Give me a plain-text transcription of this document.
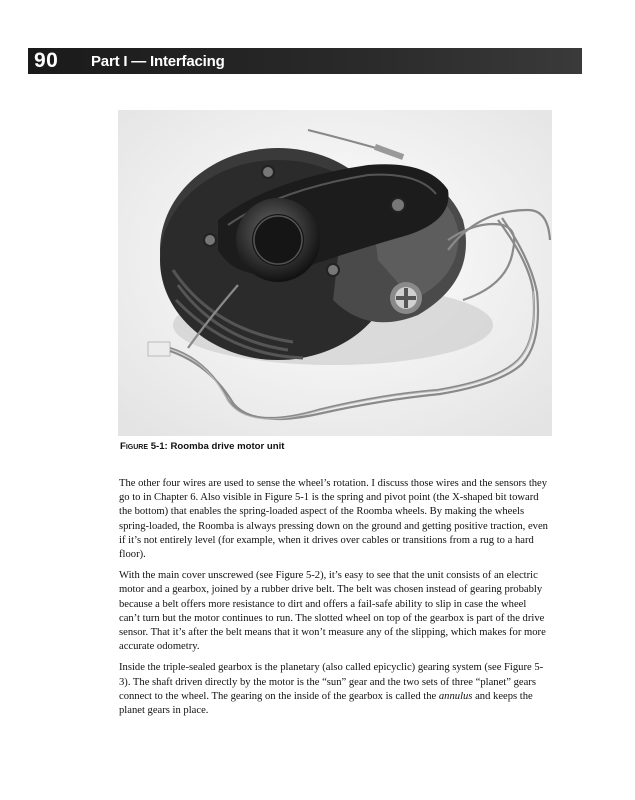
90 Part I — Interfacing
Figure 5-1: Roomba drive motor unit

The other four wires are used to sense the wheel’s rotation. I discuss those wires and the sensors they go to in Chapter 6. Also visible in Figure 5-1 is the spring and pivot point (the X-shaped bit toward the bottom) that enables the spring-loaded aspect of the Roomba wheels. By making the wheels spring-loaded, the Roomba is always pressing down on the ground and getting positive traction, even if it’s not entirely level (for example, when it drives over cables or transitions from a rug to a hard floor).

With the main cover unscrewed (see Figure 5-2), it’s easy to see that the unit consists of an electric motor and a gearbox, joined by a rubber drive belt. The belt was chosen instead of gearing probably because a belt offers more resistance to dirt and offers a fail-safe ability to slip in case the wheel can’t turn but the motor continues to run. The slotted wheel on top of the gearbox is part of the drive sensor. That it’s after the belt means that it won’t measure any of the slipping, which makes for more accurate odometry.

Inside the triple-sealed gearbox is the planetary (also called epicyclic) gearing system (see Figure 5-3). The shaft driven directly by the motor is the “sun” gear and the two sets of three “planet” gears connect to the wheel. The gearing on the inside of the gearbox is called the annulus and keeps the planet gears in place.
